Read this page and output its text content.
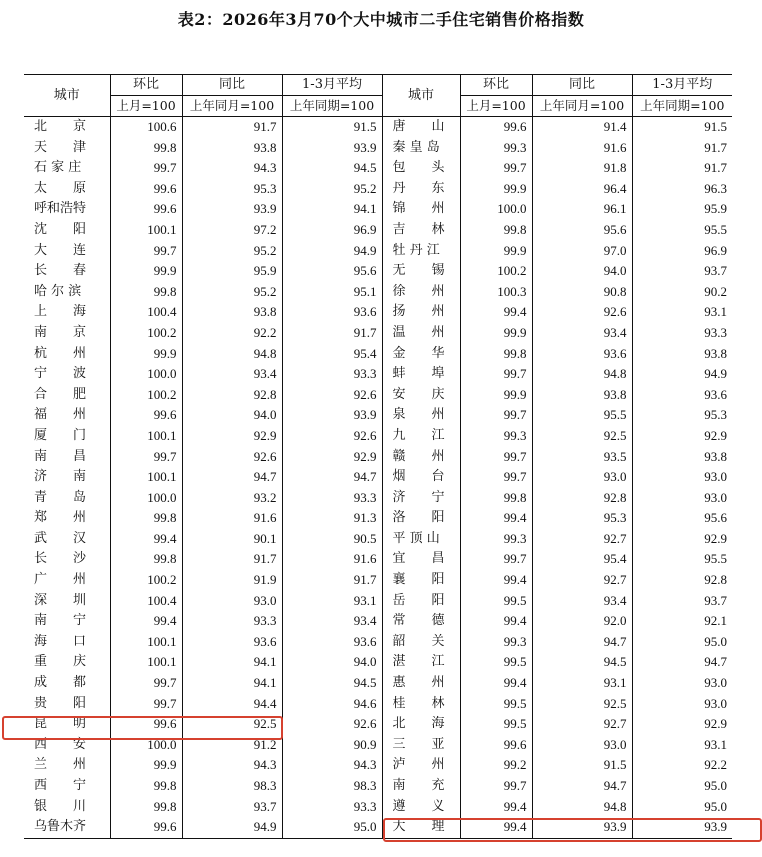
表2：2026年3月70个大中城市二手住宅销售价格指数
城市	环比	同比	1-3月平均	城市	环比	同比	1-3月平均
	上月=100	上年同月=100	上年同期=100		上月=100	上年同月=100	上年同期=100
北　　京	100.6	91.7	91.5	唐　　山	99.6	91.4	91.5
天　　津	99.8	93.8	93.9	秦 皇 岛	99.3	91.6	91.7
石 家 庄	99.7	94.3	94.5	包　　头	99.7	91.8	91.7
太　　原	99.6	95.3	95.2	丹　　东	99.9	96.4	96.3
呼和浩特	99.6	93.9	94.1	锦　　州	100.0	96.1	95.9
沈　　阳	100.1	97.2	96.9	吉　　林	99.8	95.6	95.5
大　　连	99.7	95.2	94.9	牡 丹 江	99.9	97.0	96.9
长　　春	99.9	95.9	95.6	无　　锡	100.2	94.0	93.7
哈 尔 滨	99.8	95.2	95.1	徐　　州	100.3	90.8	90.2
上　　海	100.4	93.8	93.6	扬　　州	99.4	92.6	93.1
南　　京	100.2	92.2	91.7	温　　州	99.9	93.4	93.3
杭　　州	99.9	94.8	95.4	金　　华	99.8	93.6	93.8
宁　　波	100.0	93.4	93.3	蚌　　埠	99.7	94.8	94.9
合　　肥	100.2	92.8	92.6	安　　庆	99.9	93.8	93.6
福　　州	99.6	94.0	93.9	泉　　州	99.7	95.5	95.3
厦　　门	100.1	92.9	92.6	九　　江	99.3	92.5	92.9
南　　昌	99.7	92.6	92.9	赣　　州	99.7	93.5	93.8
济　　南	100.1	94.7	94.7	烟　　台	99.7	93.0	93.0
青　　岛	100.0	93.2	93.3	济　　宁	99.8	92.8	93.0
郑　　州	99.8	91.6	91.3	洛　　阳	99.4	95.3	95.6
武　　汉	99.4	90.1	90.5	平 顶 山	99.3	92.7	92.9
长　　沙	99.8	91.7	91.6	宜　　昌	99.7	95.4	95.5
广　　州	100.2	91.9	91.7	襄　　阳	99.4	92.7	92.8
深　　圳	100.4	93.0	93.1	岳　　阳	99.5	93.4	93.7
南　　宁	99.4	93.3	93.4	常　　德	99.4	92.0	92.1
海　　口	100.1	93.6	93.6	韶　　关	99.3	94.7	95.0
重　　庆	100.1	94.1	94.0	湛　　江	99.5	94.5	94.7
成　　都	99.7	94.1	94.5	惠　　州	99.4	93.1	93.0
贵　　阳	99.7	94.4	94.6	桂　　林	99.5	92.5	93.0
昆　　明	99.6	92.5	92.6	北　　海	99.5	92.7	92.9
西　　安	100.0	91.2	90.9	三　　亚	99.6	93.0	93.1
兰　　州	99.9	94.3	94.3	泸　　州	99.2	91.5	92.2
西　　宁	99.8	98.3	98.3	南　　充	99.7	94.7	95.0
银　　川	99.8	93.7	93.3	遵　　义	99.4	94.8	95.0
乌鲁木齐	99.6	94.9	95.0	大　　理	99.4	93.9	93.9
